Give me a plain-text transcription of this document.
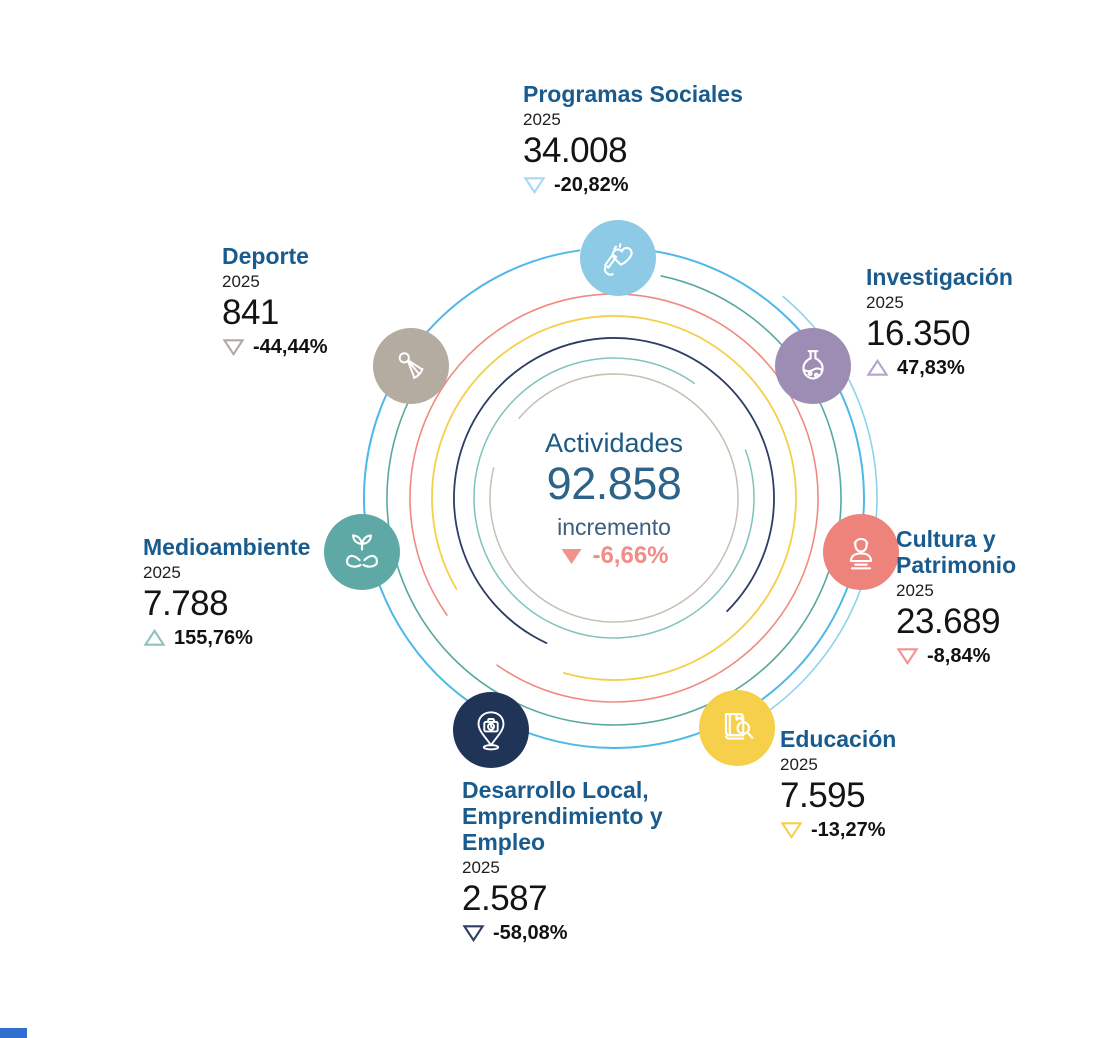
Actividades
92.858
incremento
-6,66%
Programas Sociales
2025
34.008
-20,82%
Investigación
2025
16.350
47,83%
Cultura y Patrimonio
2025
23.689
-8,84%
Educación
2025
7.595
-13,27%
Desarrollo Local, Emprendimiento y Empleo
2025
2.587
-58,08%
Medioambiente
2025
7.788
155,76%
Deporte
2025
841
-44,44%
